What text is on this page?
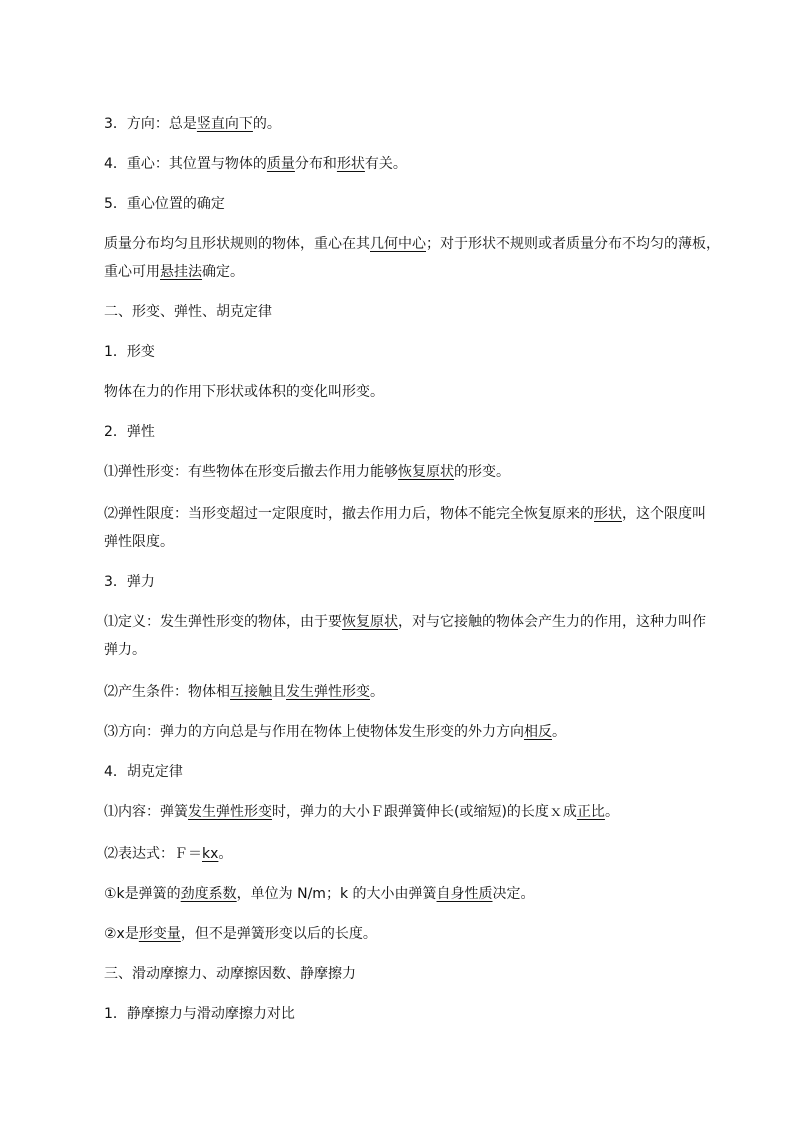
3．方向：总是竖直向下的。

4．重心：其位置与物体的质量分布和形状有关。

5．重心位置的确定

质量分布均匀且形状规则的物体，重心在其几何中心；对于形状不规则或者质量分布不均匀的薄板，

重心可用悬挂法确定。

二、形变、弹性、胡克定律

1．形变

物体在力的作用下形状或体积的变化叫形变。

2．弹性

⑴弹性形变：有些物体在形变后撤去作用力能够恢复原状的形变。

⑵弹性限度：当形变超过一定限度时，撤去作用力后，物体不能完全恢复原来的形状，这个限度叫

弹性限度。

3．弹力

⑴定义：发生弹性形变的物体，由于要恢复原状，对与它接触的物体会产生力的作用，这种力叫作

弹力。

⑵产生条件：物体相互接触且发生弹性形变。

⑶方向：弹力的方向总是与作用在物体上使物体发生形变的外力方向相反。

4．胡克定律

⑴内容：弹簧发生弹性形变时，弹力的大小Ｆ跟弹簧伸长(或缩短)的长度ｘ成正比。

⑵表达式：Ｆ＝kx。

①k是弹簧的劲度系数，单位为 N/m；k 的大小由弹簧自身性质决定。

②x是形变量，但不是弹簧形变以后的长度。

三、滑动摩擦力、动摩擦因数、静摩擦力

1．静摩擦力与滑动摩擦力对比
